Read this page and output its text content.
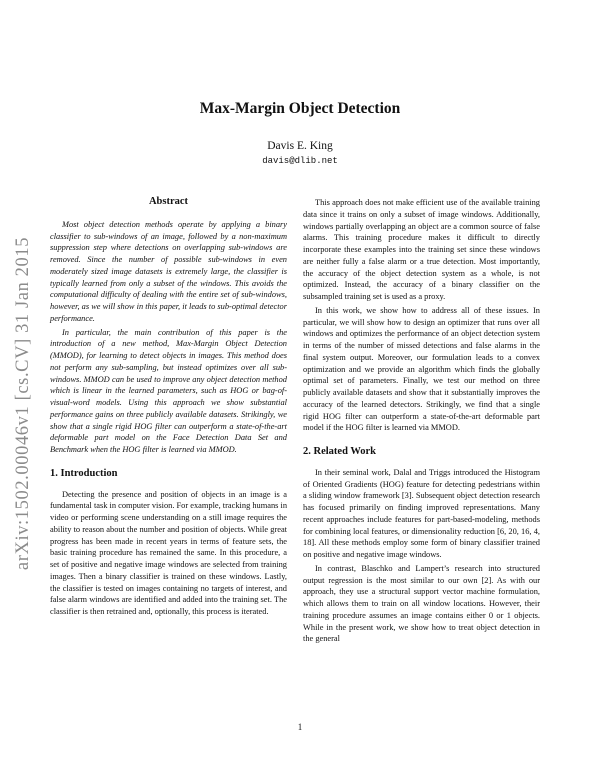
arXiv:1502.00046v1 [cs.CV] 31 Jan 2015
Max-Margin Object Detection
Davis E. King
davis@dlib.net
Abstract

Most object detection methods operate by applying a binary classifier to sub-windows of an image, followed by a non-maximum suppression step where detections on overlapping sub-windows are removed. Since the number of possible sub-windows in even moderately sized image datasets is extremely large, the classifier is typically learned from only a subset of the windows. This avoids the computational difficulty of dealing with the entire set of sub-windows, however, as we will show in this paper, it leads to sub-optimal detector performance.

In particular, the main contribution of this paper is the introduction of a new method, Max-Margin Object Detection (MMOD), for learning to detect objects in images. This method does not perform any sub-sampling, but instead optimizes over all sub-windows. MMOD can be used to improve any object detection method which is linear in the learned parameters, such as HOG or bag-of-visual-word models. Using this approach we show substantial performance gains on three publicly available datasets. Strikingly, we show that a single rigid HOG filter can outperform a state-of-the-art deformable part model on the Face Detection Data Set and Benchmark when the HOG filter is learned via MMOD.

1. Introduction

Detecting the presence and position of objects in an image is a fundamental task in computer vision. For example, tracking humans in video or performing scene understanding on a still image requires the ability to reason about the number and position of objects. While great progress has been made in recent years in terms of feature sets, the basic training procedure has remained the same. In this procedure, a set of positive and negative image windows are selected from training images. Then a binary classifier is trained on these windows. Lastly, the classifier is tested on images containing no targets of interest, and false alarm windows are identified and added into the training set. The classifier is then retrained and, optionally, this process is iterated.

This approach does not make efficient use of the available training data since it trains on only a subset of image windows. Additionally, windows partially overlapping an object are a common source of false alarms. This training procedure makes it difficult to directly incorporate these examples into the training set since these windows are neither fully a false alarm or a true detection. Most importantly, the accuracy of the object detection system as a whole, is not optimized. Instead, the accuracy of a binary classifier on the subsampled training set is used as a proxy.

In this work, we show how to address all of these issues. In particular, we will show how to design an optimizer that runs over all windows and optimizes the performance of an object detection system in terms of the number of missed detections and false alarms in the final system output. Moreover, our formulation leads to a convex optimization and we provide an algorithm which finds the globally optimal set of parameters. Finally, we test our method on three publicly available datasets and show that it substantially improves the accuracy of the learned detectors. Strikingly, we find that a single rigid HOG filter can outperform a state-of-the-art deformable part model if the HOG filter is learned via MMOD.

2. Related Work

In their seminal work, Dalal and Triggs introduced the Histogram of Oriented Gradients (HOG) feature for detecting pedestrians within a sliding window framework [3]. Subsequent object detection research has focused primarily on finding improved representations. Many recent approaches include features for part-based-modeling, methods for combining local features, or dimensionality reduction [6, 20, 16, 4, 18]. All these methods employ some form of binary classifier trained on positive and negative image windows.

In contrast, Blaschko and Lampert’s research into structured output regression is the most similar to our own [2]. As with our approach, they use a structural support vector machine formulation, which allows them to train on all window locations. However, their training procedure assumes an image contains either 0 or 1 objects. While in the present work, we show how to treat object detection in the general

1
